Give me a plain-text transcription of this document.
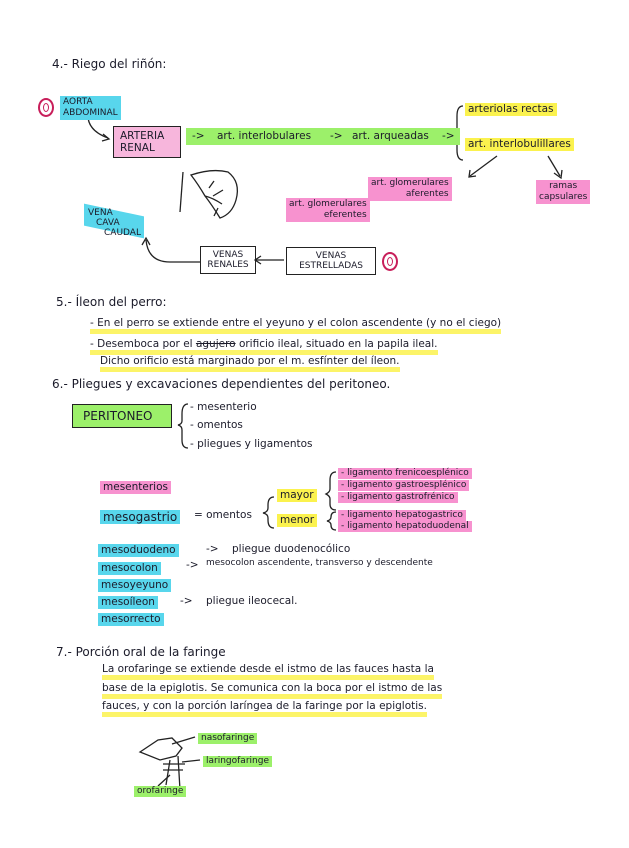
4.- Riego del riñón:
AORTA
ABDOMINAL
ARTERIA
RENAL
-> art. interlobulares -> art. arqueadas ->
arteriolas rectas
art. interlobulillares
art. glomerulares
aferentes
art. glomerulares
eferentes
ramas
capsulares
VENA
CAVA
CAUDAL
VENAS
RENALES
VENAS
ESTRELLADAS
5.- Íleon del perro:
- En el perro se extiende entre el yeyuno y el colon ascendente (y no el ciego)
- Desemboca por el agujero orificio ileal, situado en la papila ileal.
Dicho orificio está marginado por el m. esfínter del íleon.
6.- Pliegues y excavaciones dependientes del peritoneo.
PERITONEO
- mesenterio
- omentos
- pliegues y ligamentos
mesenterios
mesogastrio = omentos
mayor
menor
- ligamento frenicoesplénico
- ligamento gastroesplénico
- ligamento gastrofrénico
- ligamento hepatogastrico
- ligamento hepatoduodenal
mesoduodeno	-> pliegue duodenocólico
mesocolon	-> mesocolon ascendente, transverso y descendente
mesoyeyuno
mesoíleon -> pliegue ileocecal.
mesorrecto
7.- Porción oral de la faringe
La orofaringe se extiende desde el istmo de las fauces hasta la
base de la epiglotis. Se comunica con la boca por el istmo de las
fauces, y con la porción laríngea de la faringe por la epiglotis.
nasofaringe
laringofaringe
orofaringe
